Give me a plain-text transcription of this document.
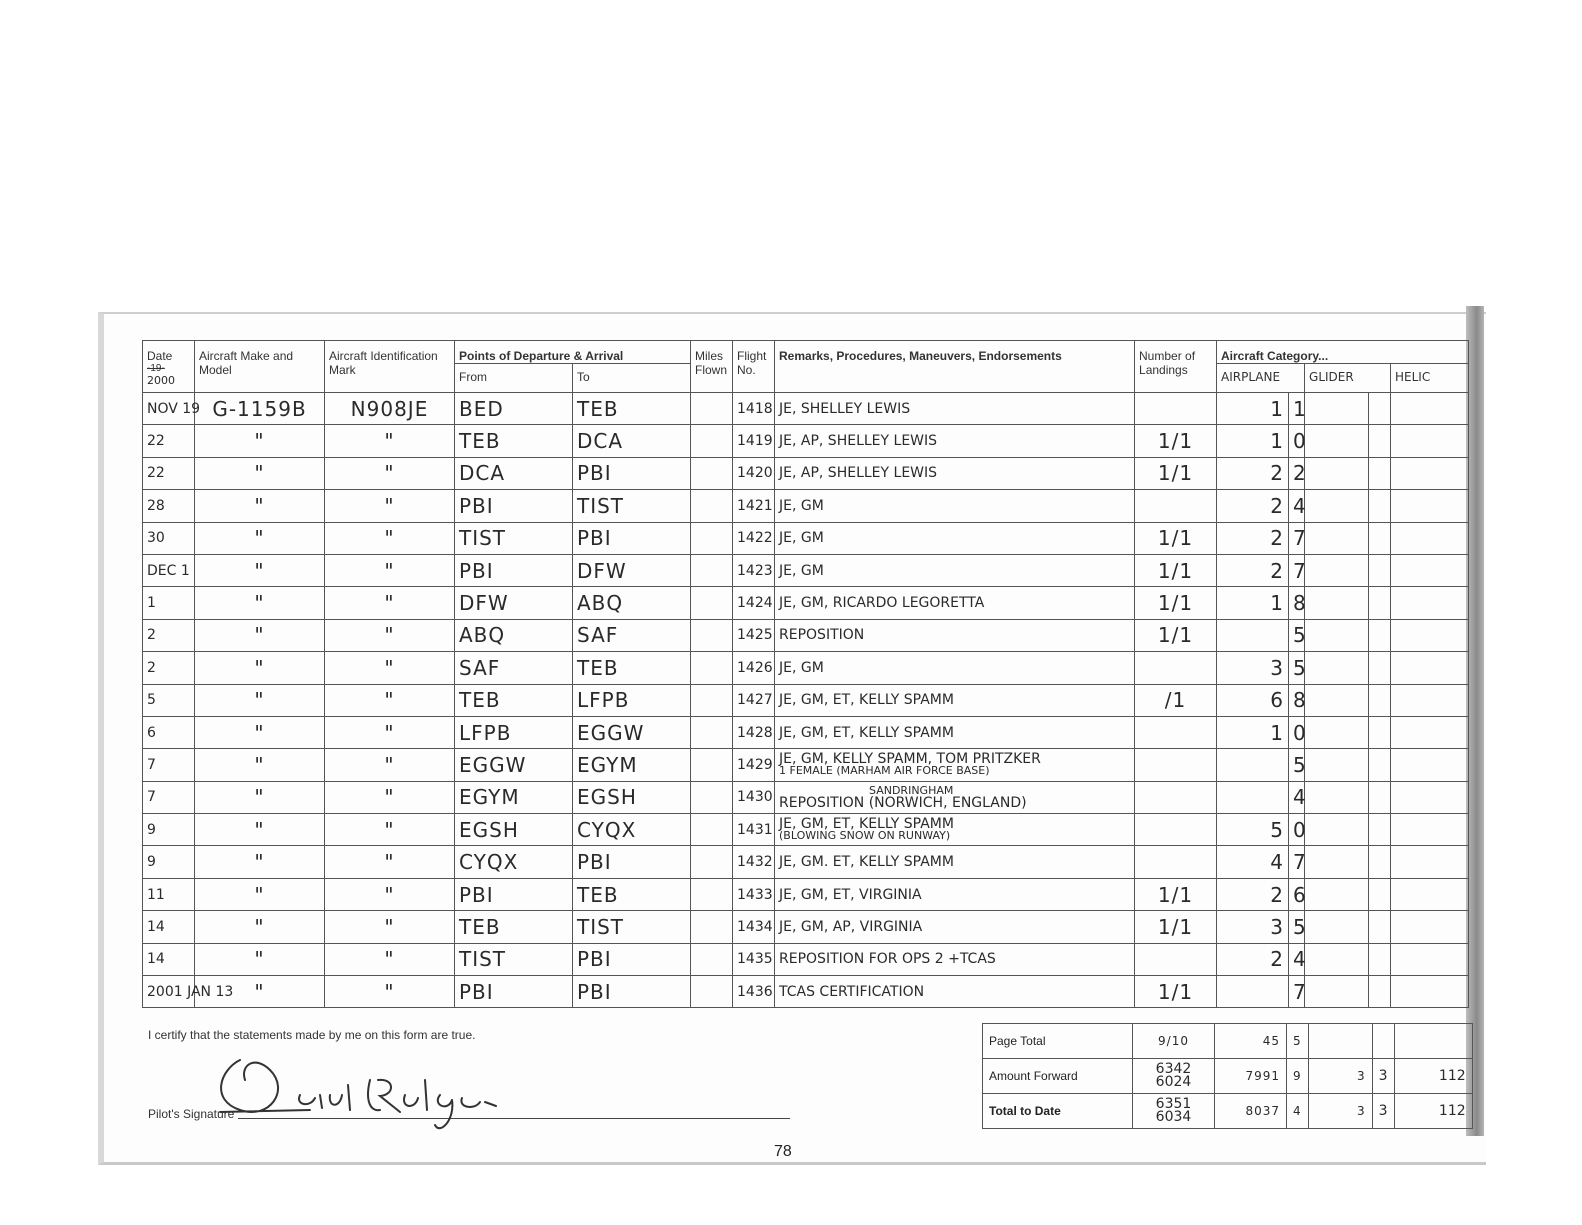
Date
-19-
2000	Aircraft Make and Model	Aircraft Identification Mark	Points of Departure & Arrival		Miles Flown	Flight No.	Remarks, Procedures, Maneuvers, Endorsements	Number of Landings	Aircraft Category...				
			From	To					AIRPLANE		GLIDER		HELIC
NOV 19	G-1159B	N908JE	BED	TEB		1418	JE, SHELLEY LEWIS		1	1			
22	"	"	TEB	DCA		1419	JE, AP, SHELLEY LEWIS	1/1	1	0			
22	"	"	DCA	PBI		1420	JE, AP, SHELLEY LEWIS	1/1	2	2			
28	"	"	PBI	TIST		1421	JE, GM		2	4			
30	"	"	TIST	PBI		1422	JE, GM	1/1	2	7			
DEC 1	"	"	PBI	DFW		1423	JE, GM	1/1	2	7			
1	"	"	DFW	ABQ		1424	JE, GM, RICARDO LEGORETTA	1/1	1	8			
2	"	"	ABQ	SAF		1425	REPOSITION	1/1		5			
2	"	"	SAF	TEB		1426	JE, GM		3	5			
5	"	"	TEB	LFPB		1427	JE, GM, ET, KELLY SPAMM	/1	6	8			
6	"	"	LFPB	EGGW		1428	JE, GM, ET, KELLY SPAMM		1	0			
7	"	"	EGGW	EGYM		1429	JE, GM, KELLY SPAMM, TOM PRITZKER
1 FEMALE (MARHAM AIR FORCE BASE)			5			
7	"	"	EGYM	EGSH		1430	SANDRINGHAM
REPOSITION (NORWICH, ENGLAND)			4			
9	"	"	EGSH	CYQX		1431	JE, GM, ET, KELLY SPAMM
(BLOWING SNOW ON RUNWAY)		5	0			
9	"	"	CYQX	PBI		1432	JE, GM. ET, KELLY SPAMM		4	7			
11	"	"	PBI	TEB		1433	JE, GM, ET, VIRGINIA	1/1	2	6			
14	"	"	TEB	TIST		1434	JE, GM, AP, VIRGINIA	1/1	3	5			
14	"	"	TIST	PBI		1435	REPOSITION FOR OPS 2 +TCAS		2	4			
2001 JAN 13	"	"	PBI	PBI		1436	TCAS CERTIFICATION	1/1		7			
I certify that the statements made by me on this form are true.
Pilot's Signature
Page Total	9/10	45	5			
Amount Forward	6342
6024	7991	9	3	3	112
Total to Date	6351
6034	8037	4	3	3	112
78
